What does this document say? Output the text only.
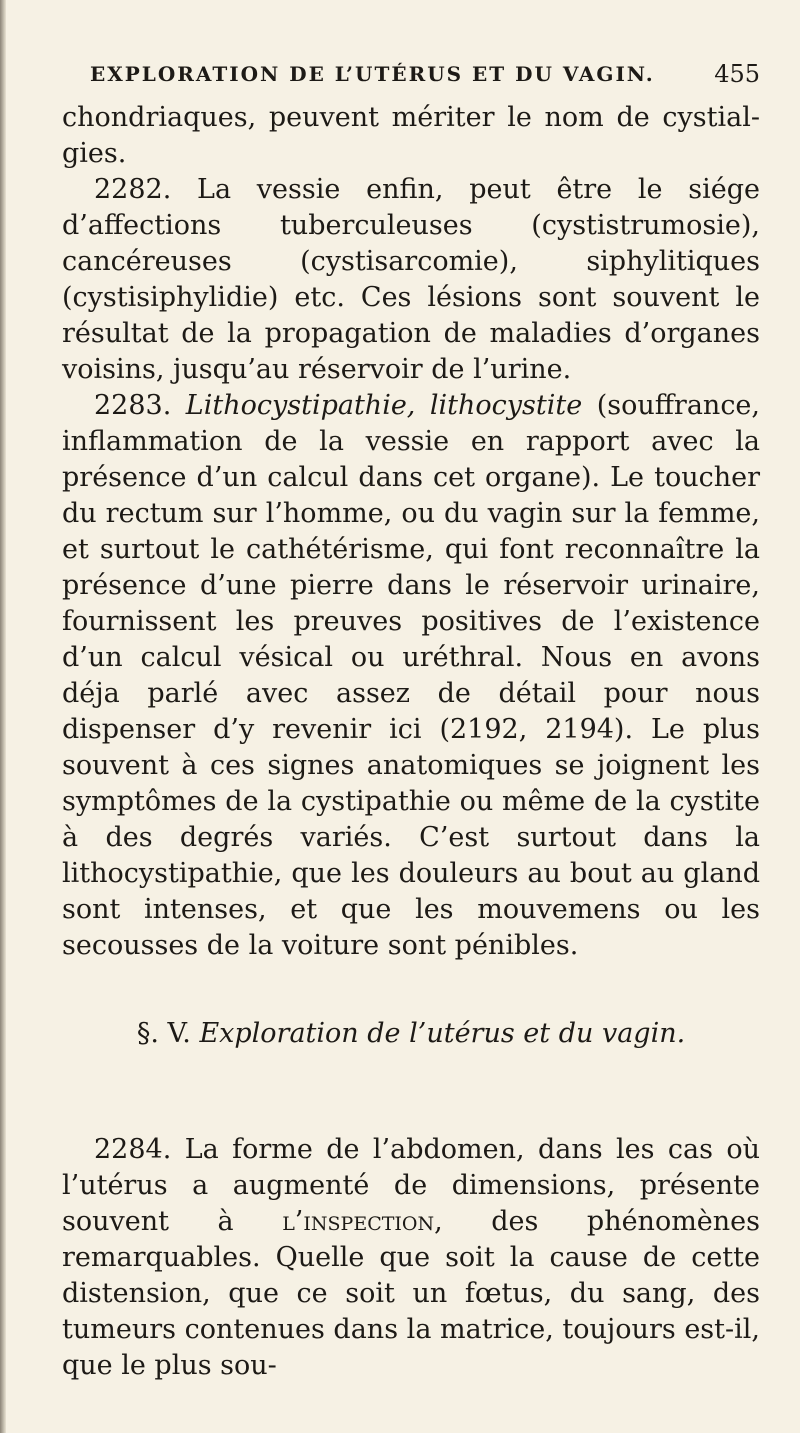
EXPLORATION DE L’UTÉRUS ET DU VAGIN. 455

chondriaques, peuvent mériter le nom de cystial-gies.

2282. La vessie enfin, peut être le siége d’affections tuberculeuses (cystistrumosie), cancéreuses (cystisarcomie), siphylitiques (cystisiphylidie) etc. Ces lésions sont souvent le résultat de la propagation de maladies d’organes voisins, jusqu’au réservoir de l’urine.

2283. Lithocystipathie, lithocystite (souffrance, inflammation de la vessie en rapport avec la présence d’un calcul dans cet organe). Le toucher du rectum sur l’homme, ou du vagin sur la femme, et surtout le cathétérisme, qui font reconnaître la présence d’une pierre dans le réservoir urinaire, fournissent les preuves positives de l’existence d’un calcul vésical ou uréthral. Nous en avons déja parlé avec assez de détail pour nous dispenser d’y revenir ici (2192, 2194). Le plus souvent à ces signes anatomiques se joignent les symptômes de la cystipathie ou même de la cystite à des degrés variés. C’est surtout dans la lithocystipathie, que les douleurs au bout au gland sont intenses, et que les mouvemens ou les secousses de la voiture sont pénibles.

§. V. Exploration de l’utérus et du vagin.

2284. La forme de l’abdomen, dans les cas où l’utérus a augmenté de dimensions, présente souvent à l’inspection, des phénomènes remarquables. Quelle que soit la cause de cette distension, que ce soit un fœtus, du sang, des tumeurs contenues dans la matrice, toujours est-il, que le plus sou-
